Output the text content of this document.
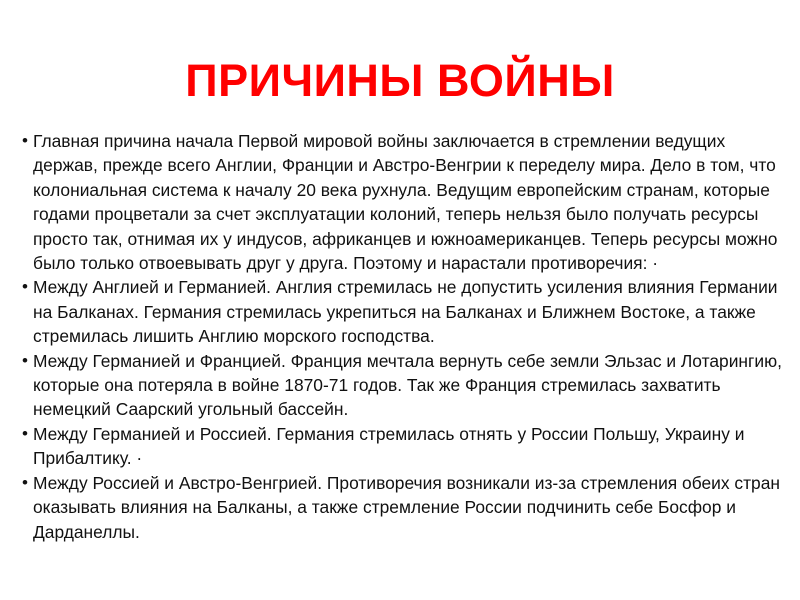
ПРИЧИНЫ ВОЙНЫ
• Главная причина начала Первой мировой войны заключается в стремлении ведущих держав, прежде всего Англии, Франции и Австро-Венгрии к переделу мира. Дело в том, что колониальная система к началу 20 века рухнула. Ведущим европейским странам, которые годами процветали за счет эксплуатации колоний, теперь нельзя было получать ресурсы просто так, отнимая их у индусов, африканцев и южноамериканцев. Теперь ресурсы можно было только отвоевывать друг у друга. Поэтому и нарастали противоречия: ·
• Между Англией и Германией. Англия стремилась не допустить усиления влияния Германии на Балканах. Германия стремилась укрепиться на Балканах и Ближнем Востоке, а также стремилась лишить Англию морского господства.
• Между Германией и Францией. Франция мечтала вернуть себе земли Эльзас и Лотарингию, которые она потеряла в войне 1870-71 годов. Так же Франция стремилась захватить немецкий Саарский угольный бассейн.
• Между Германией и Россией. Германия стремилась отнять у России Польшу, Украину и Прибалтику. ·
• Между Россией и Австро-Венгрией. Противоречия возникали из-за стремления обеих стран оказывать влияния на Балканы, а также стремление России подчинить себе Босфор и Дарданеллы.
